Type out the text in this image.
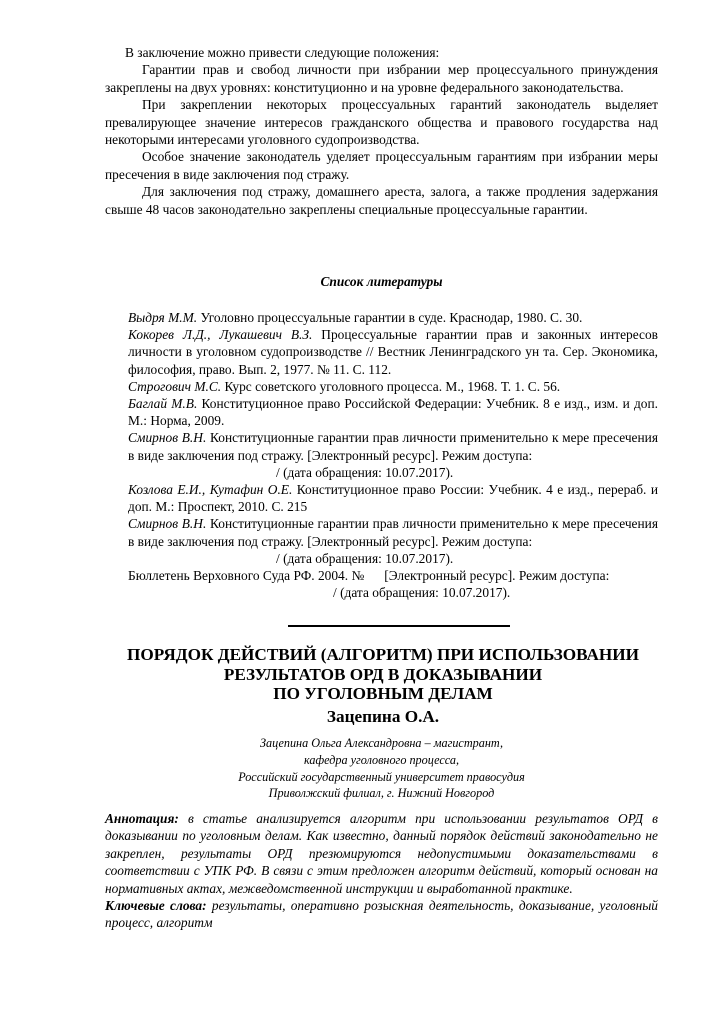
В заключение можно привести следующие положения:

Гарантии прав и свобод личности при избрании мер процессуального принуждения закреплены на двух уровнях: конституционно и на уровне федерального законодательства.

При закреплении некоторых процессуальных гарантий законодатель выделяет превалирующее значение интересов гражданского общества и правового государства над некоторыми интересами уголовного судопроизводства.

Особое значение законодатель уделяет процессуальным гарантиям при избрании меры пресечения в виде заключения под стражу.

Для заключения под стражу, домашнего ареста, залога, а также продления задержания свыше 48 часов законодательно закреплены специальные процессуальные гарантии.

Список литературы

Выдря М.М. Уголовно процессуальные гарантии в суде. Краснодар, 1980. С. 30.

Кокорев Л.Д., Лукашевич В.З. Процессуальные гарантии прав и законных интересов личности в уголовном судопроизводстве // Вестник Ленинградского ун та. Сер. Экономика, философия, право. Вып. 2, 1977. № 11. С. 112.

Строгович М.С. Курс советского уголовного процесса. М., 1968. Т. 1. С. 56.

Баглай М.В. Конституционное право Российской Федерации: Учебник. 8 е изд., изм. и доп. М.: Норма, 2009.

Смирнов В.Н. Конституционные гарантии прав личности применительно к мере пресечения в виде заключения под стражу. [Электронный ресурс]. Режим доступа:
/ (дата обращения: 10.07.2017).

Козлова Е.И., Кутафин О.Е. Конституционное право России: Учебник. 4 е изд., перераб. и доп. М.: Проспект, 2010. С. 215

Смирнов В.Н. Конституционные гарантии прав личности применительно к мере пресечения в виде заключения под стражу. [Электронный ресурс]. Режим доступа:
/ (дата обращения: 10.07.2017).

Бюллетень Верховного Суда РФ. 2004. №      [Электронный ресурс]. Режим доступа:
/ (дата обращения: 10.07.2017).

ПОРЯДОК ДЕЙСТВИЙ (АЛГОРИТМ) ПРИ ИСПОЛЬЗОВАНИИ
РЕЗУЛЬТАТОВ ОРД В ДОКАЗЫВАНИИ
ПО УГОЛОВНЫМ ДЕЛАМ
Зацепина О.А.
Зацепина Ольга Александровна – магистрант,
кафедра уголовного процесса,
Российский государственный университет правосудия
Приволжский филиал, г. Нижний Новгород
Аннотация: в статье анализируется алгоритм при использовании результатов ОРД в доказывании по уголовным делам. Как известно, данный порядок действий законодательно не закреплен, результаты ОРД презюмируются недопустимыми доказательствами в соответствии с УПК РФ. В связи с этим предложен алгоритм действий, который основан на нормативных актах, межведомственной инструкции и выработанной практике.
Ключевые слова: результаты, оперативно розыскная деятельность, доказывание, уголовный процесс, алгоритм
